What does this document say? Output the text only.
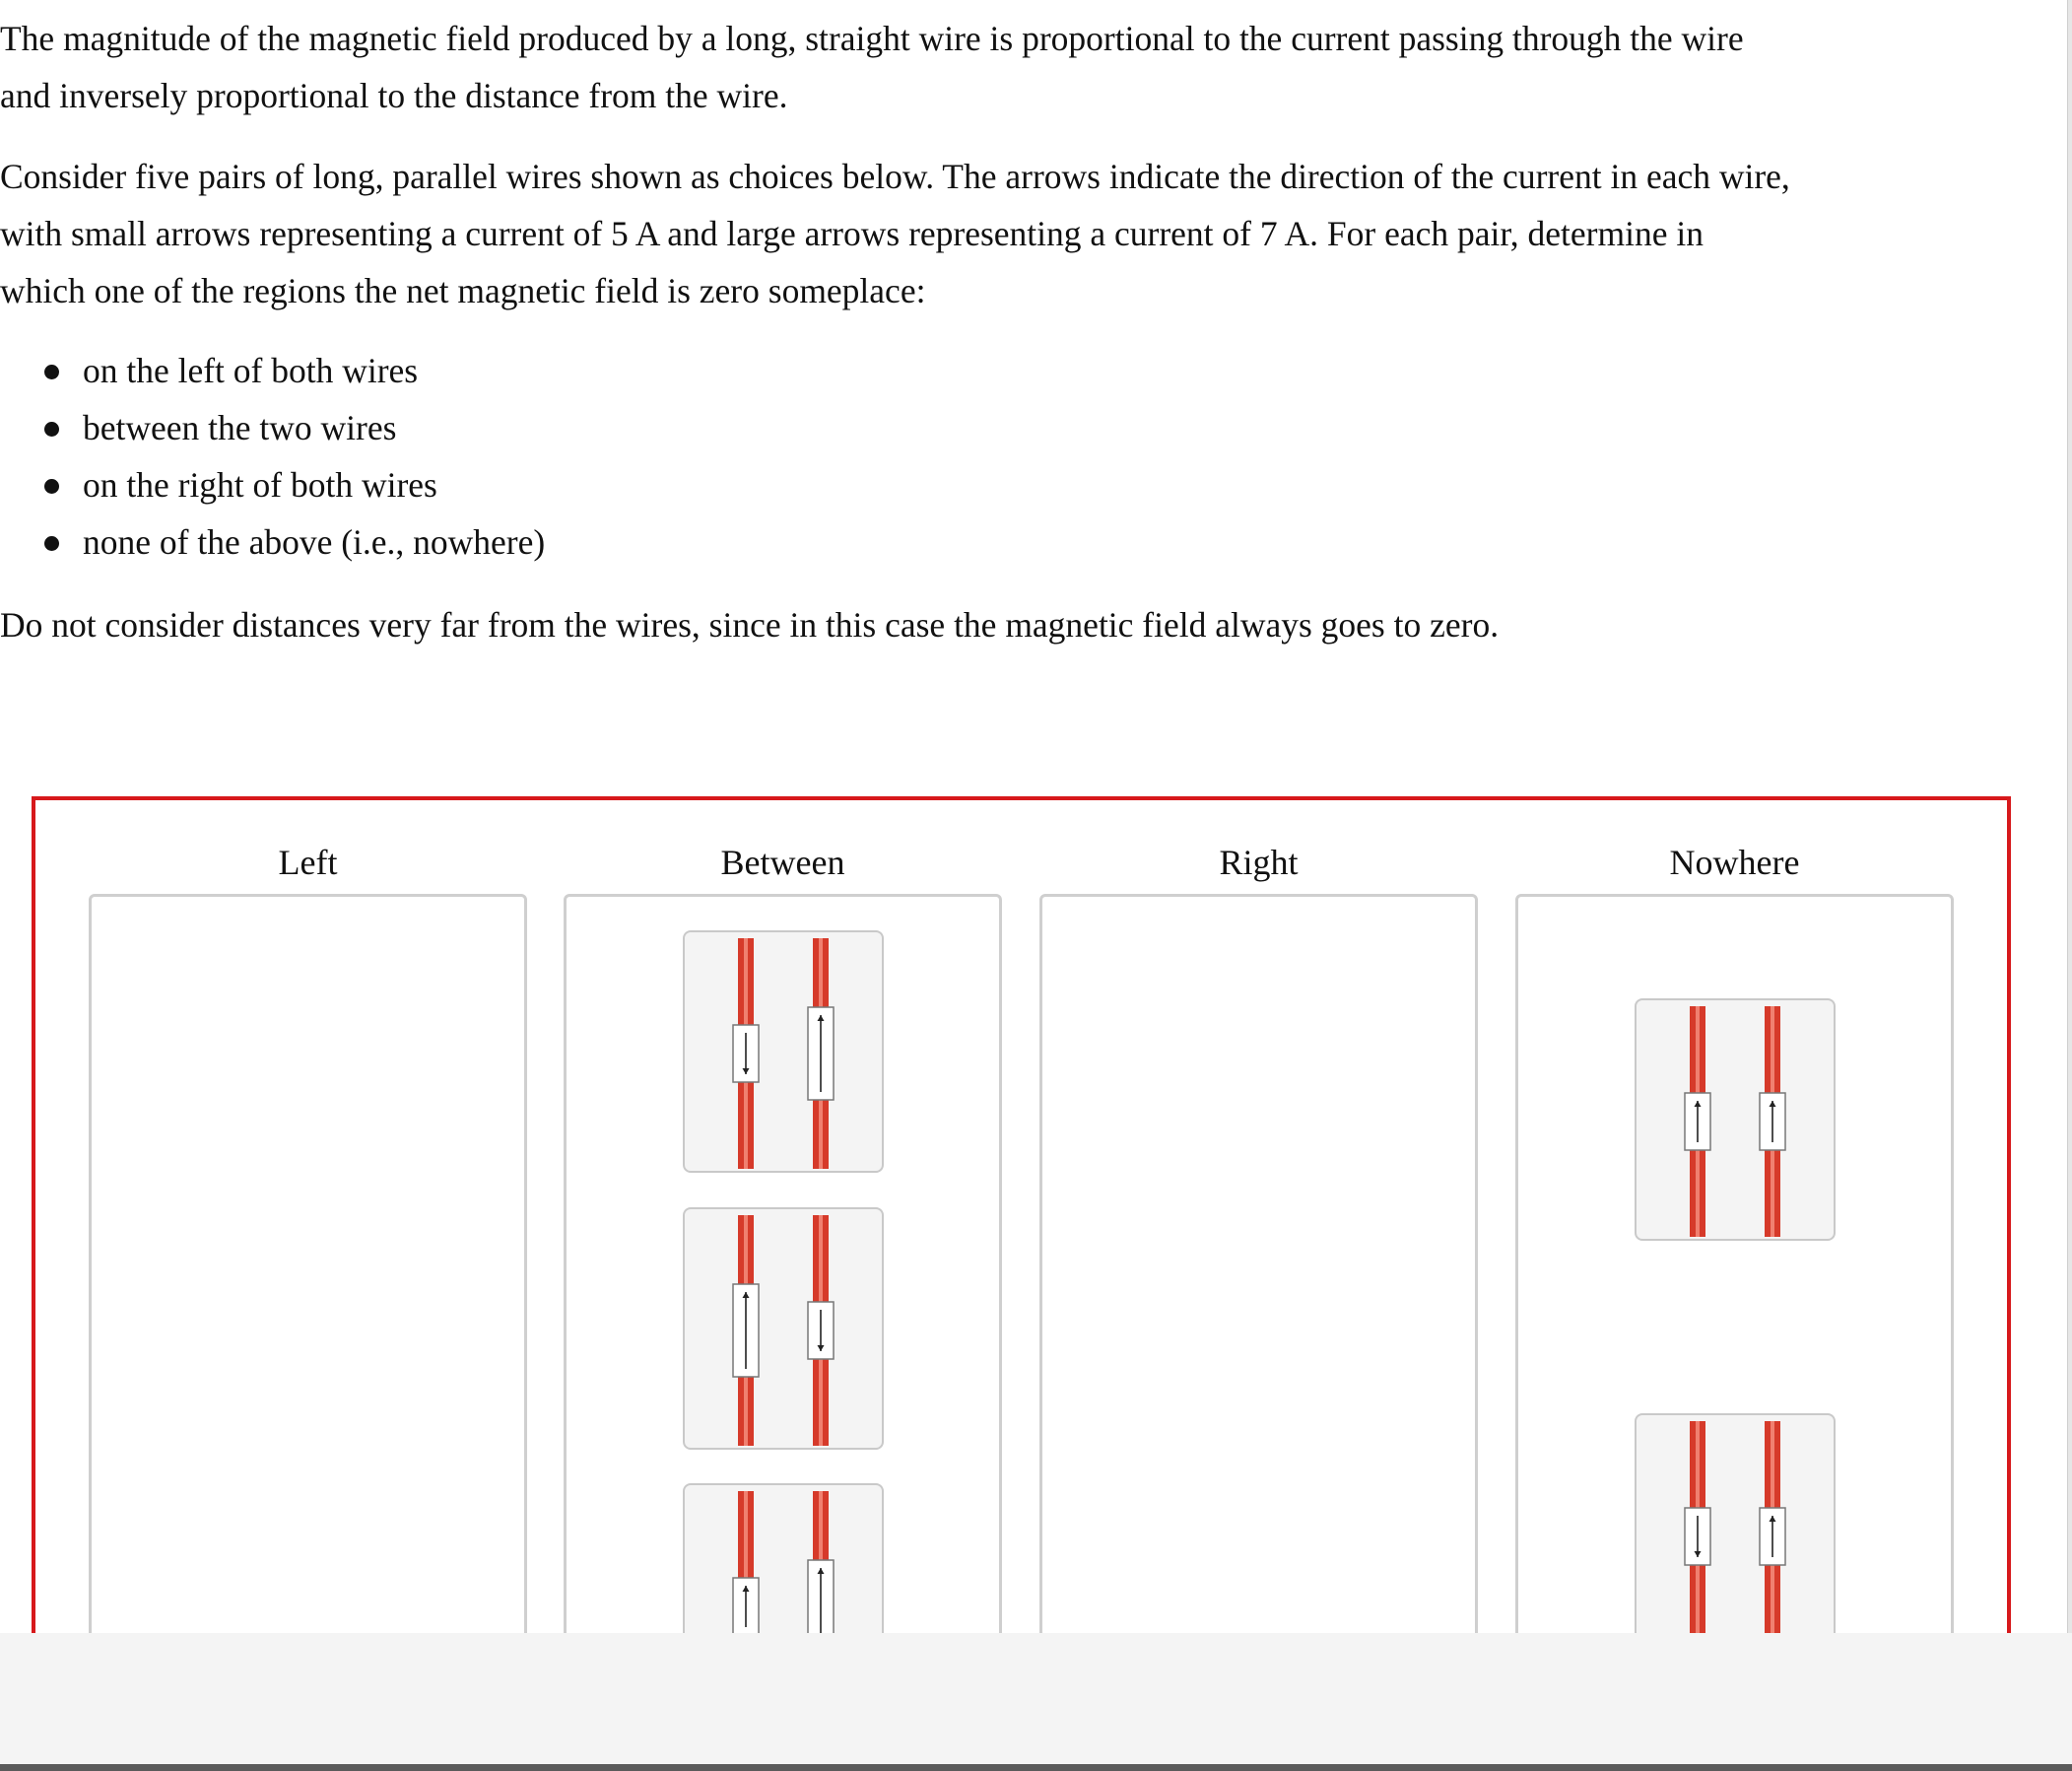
The magnitude of the magnetic field produced by a long, straight wire is proportional to the current passing through the wire
and inversely proportional to the distance from the wire.
Consider five pairs of long, parallel wires shown as choices below. The arrows indicate the direction of the current in each wire,
with small arrows representing a current of 5 A and large arrows representing a current of 7 A. For each pair, determine in
which one of the regions the net magnetic field is zero someplace:
on the left of both wires
between the two wires
on the right of both wires
none of the above (i.e., nowhere)
Do not consider distances very far from the wires, since in this case the magnetic field always goes to zero.
Left	Between	Right	Nowhere
